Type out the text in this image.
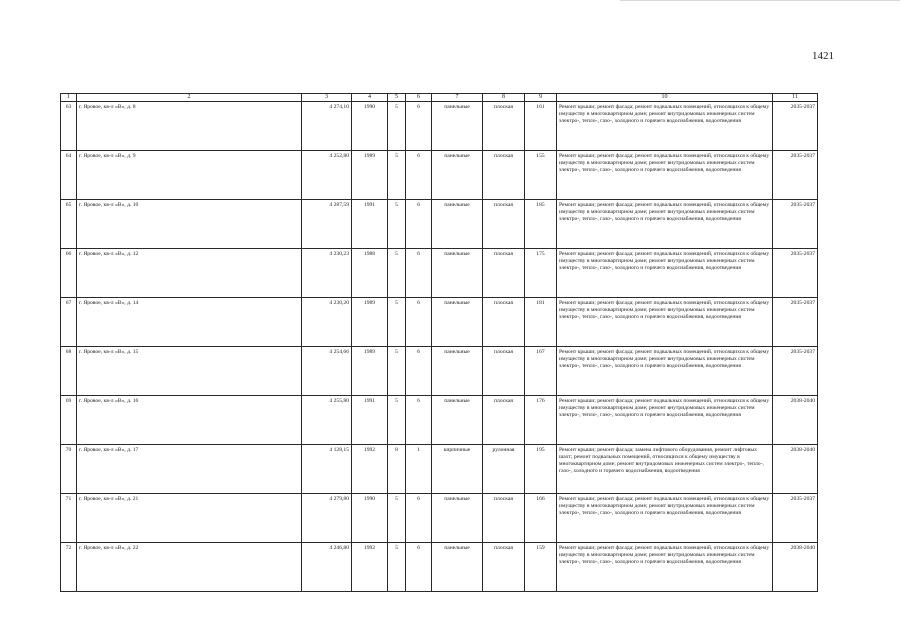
1421
1	2	3	4	5	6	7	8	9	10	11
63	г. Яровое, кв-л «В», д. 8	4 274,10	1990	5	6	панельные	плоская	161	Ремонт крыши; ремонт фасада; ремонт подвальных помещений, относящихся к общему имуществу в многоквартирном доме; ремонт внутридомовых инженерных систем электро-, тепло-, газо-, холодного и горячего водоснабжения, водоотведения	2035-2037
64	г. Яровое, кв-л «В», д. 9	4 252,80	1989	5	6	панельные	плоская	155	Ремонт крыши; ремонт фасада; ремонт подвальных помещений, относящихся к общему имуществу в многоквартирном доме; ремонт внутридомовых инженерных систем электро-, тепло-, газо-, холодного и горячего водоснабжения, водоотведения	2035-2037
65	г. Яровое, кв-л «В», д. 10	4 287,59	1991	5	6	панельные	плоская	185	Ремонт крыши; ремонт фасада; ремонт подвальных помещений, относящихся к общему имуществу в многоквартирном доме; ремонт внутридомовых инженерных систем электро-, тепло-, газо-, холодного и горячего водоснабжения, водоотведения	2035-2037
66	г. Яровое, кв-л «В», д. 12	4 230,23	1988	5	6	панельные	плоская	175	Ремонт крыши; ремонт фасада; ремонт подвальных помещений, относящихся к общему имуществу в многоквартирном доме; ремонт внутридомовых инженерных систем электро-, тепло-, газо-, холодного и горячего водоснабжения, водоотведения	2035-2037
67	г. Яровое, кв-л «В», д. 14	4 230,20	1989	5	6	панельные	плоская	181	Ремонт крыши; ремонт фасада; ремонт подвальных помещений, относящихся к общему имуществу в многоквартирном доме; ремонт внутридомовых инженерных систем электро-, тепло-, газо-, холодного и горячего водоснабжения, водоотведения	2035-2037
68	г. Яровое, кв-л «В», д. 15	4 254,66	1989	5	6	панельные	плоская	167	Ремонт крыши; ремонт фасада; ремонт подвальных помещений, относящихся к общему имуществу в многоквартирном доме; ремонт внутридомовых инженерных систем электро-, тепло-, газо-, холодного и горячего водоснабжения, водоотведения	2035-2037
69	г. Яровое, кв-л «В», д. 16	4 255,80	1991	5	6	панельные	плоская	176	Ремонт крыши; ремонт фасада; ремонт подвальных помещений, относящихся к общему имуществу в многоквартирном доме; ремонт внутридомовых инженерных систем электро-, тепло-, газо-, холодного и горячего водоснабжения, водоотведения	2038-2040
70	г. Яровое, кв-л «В», д. 17	4 128,15	1992	8	1	кирпичные	рулонная	195	Ремонт крыши; ремонт фасада; замена лифтового оборудования, ремонт лифтовых шахт; ремонт подвальных помещений, относящихся к общему имуществу в многоквартирном доме; ремонт внутридомовых инженерных систем электро-, тепло-, газо-, холодного и горячего водоснабжения, водоотведения	2038-2040
71	г. Яровое, кв-л «В», д. 21	4 279,80	1990	5	6	панельные	плоская	166	Ремонт крыши; ремонт фасада; ремонт подвальных помещений, относящихся к общему имуществу в многоквартирном доме; ремонт внутридомовых инженерных систем электро-, тепло-, газо-, холодного и горячего водоснабжения, водоотведения	2035-2037
72	г. Яровое, кв-л «В», д. 22	4 246,80	1992	5	6	панельные	плоская	159	Ремонт крыши; ремонт фасада; ремонт подвальных помещений, относящихся к общему имуществу в многоквартирном доме; ремонт внутридомовых инженерных систем электро-, тепло-, газо-, холодного и горячего водоснабжения, водоотведения	2038-2040
